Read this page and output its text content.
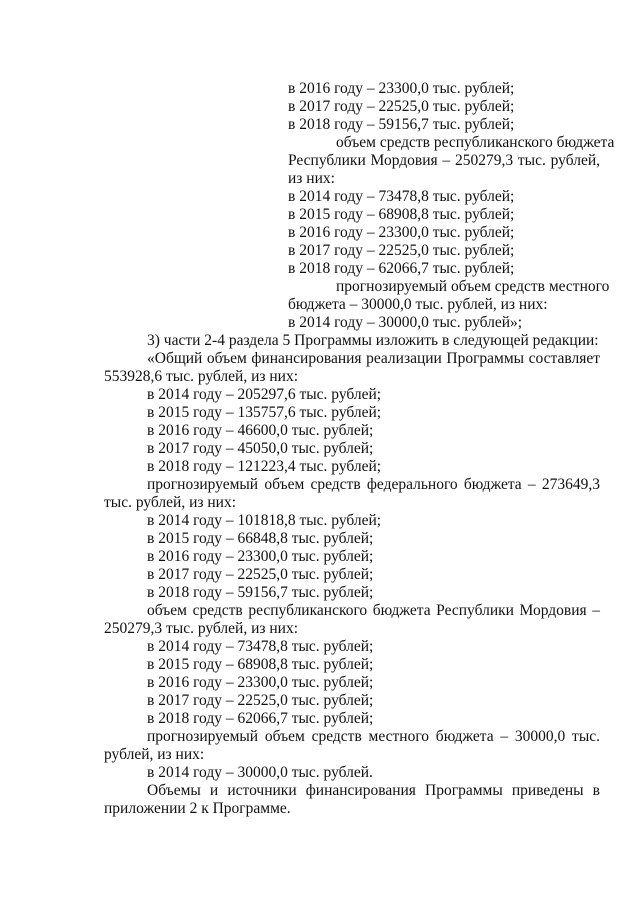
в 2016 году – 23300,0 тыс. рублей;
в 2017 году – 22525,0 тыс. рублей;
в 2018 году – 59156,7 тыс. рублей;
объем средств республиканского бюджета
Республики Мордовия – 250279,3 тыс. рублей,
из них:
в 2014 году – 73478,8 тыс. рублей;
в 2015 году – 68908,8 тыс. рублей;
в 2016 году – 23300,0 тыс. рублей;
в 2017 году – 22525,0 тыс. рублей;
в 2018 году – 62066,7 тыс. рублей;
прогнозируемый объем средств местного
бюджета – 30000,0 тыс. рублей, из них:
в 2014 году – 30000,0 тыс. рублей»;
3) части 2-4 раздела 5 Программы изложить в следующей редакции:
«Общий объем финансирования реализации Программы составляет
553928,6 тыс. рублей, из них:
в 2014 году – 205297,6 тыс. рублей;
в 2015 году – 135757,6 тыс. рублей;
в 2016 году – 46600,0 тыс. рублей;
в 2017 году – 45050,0 тыс. рублей;
в 2018 году – 121223,4 тыс. рублей;
прогнозируемый объем средств федерального бюджета – 273649,3
тыс. рублей, из них:
в 2014 году – 101818,8 тыс. рублей;
в 2015 году – 66848,8 тыс. рублей;
в 2016 году – 23300,0 тыс. рублей;
в 2017 году – 22525,0 тыс. рублей;
в 2018 году – 59156,7 тыс. рублей;
объем средств республиканского бюджета Республики Мордовия –
250279,3 тыс. рублей, из них:
в 2014 году – 73478,8 тыс. рублей;
в 2015 году – 68908,8 тыс. рублей;
в 2016 году – 23300,0 тыс. рублей;
в 2017 году – 22525,0 тыс. рублей;
в 2018 году – 62066,7 тыс. рублей;
прогнозируемый объем средств местного бюджета – 30000,0 тыс.
рублей, из них:
в 2014 году – 30000,0 тыс. рублей.
Объемы и источники финансирования Программы приведены в
приложении 2 к Программе.
